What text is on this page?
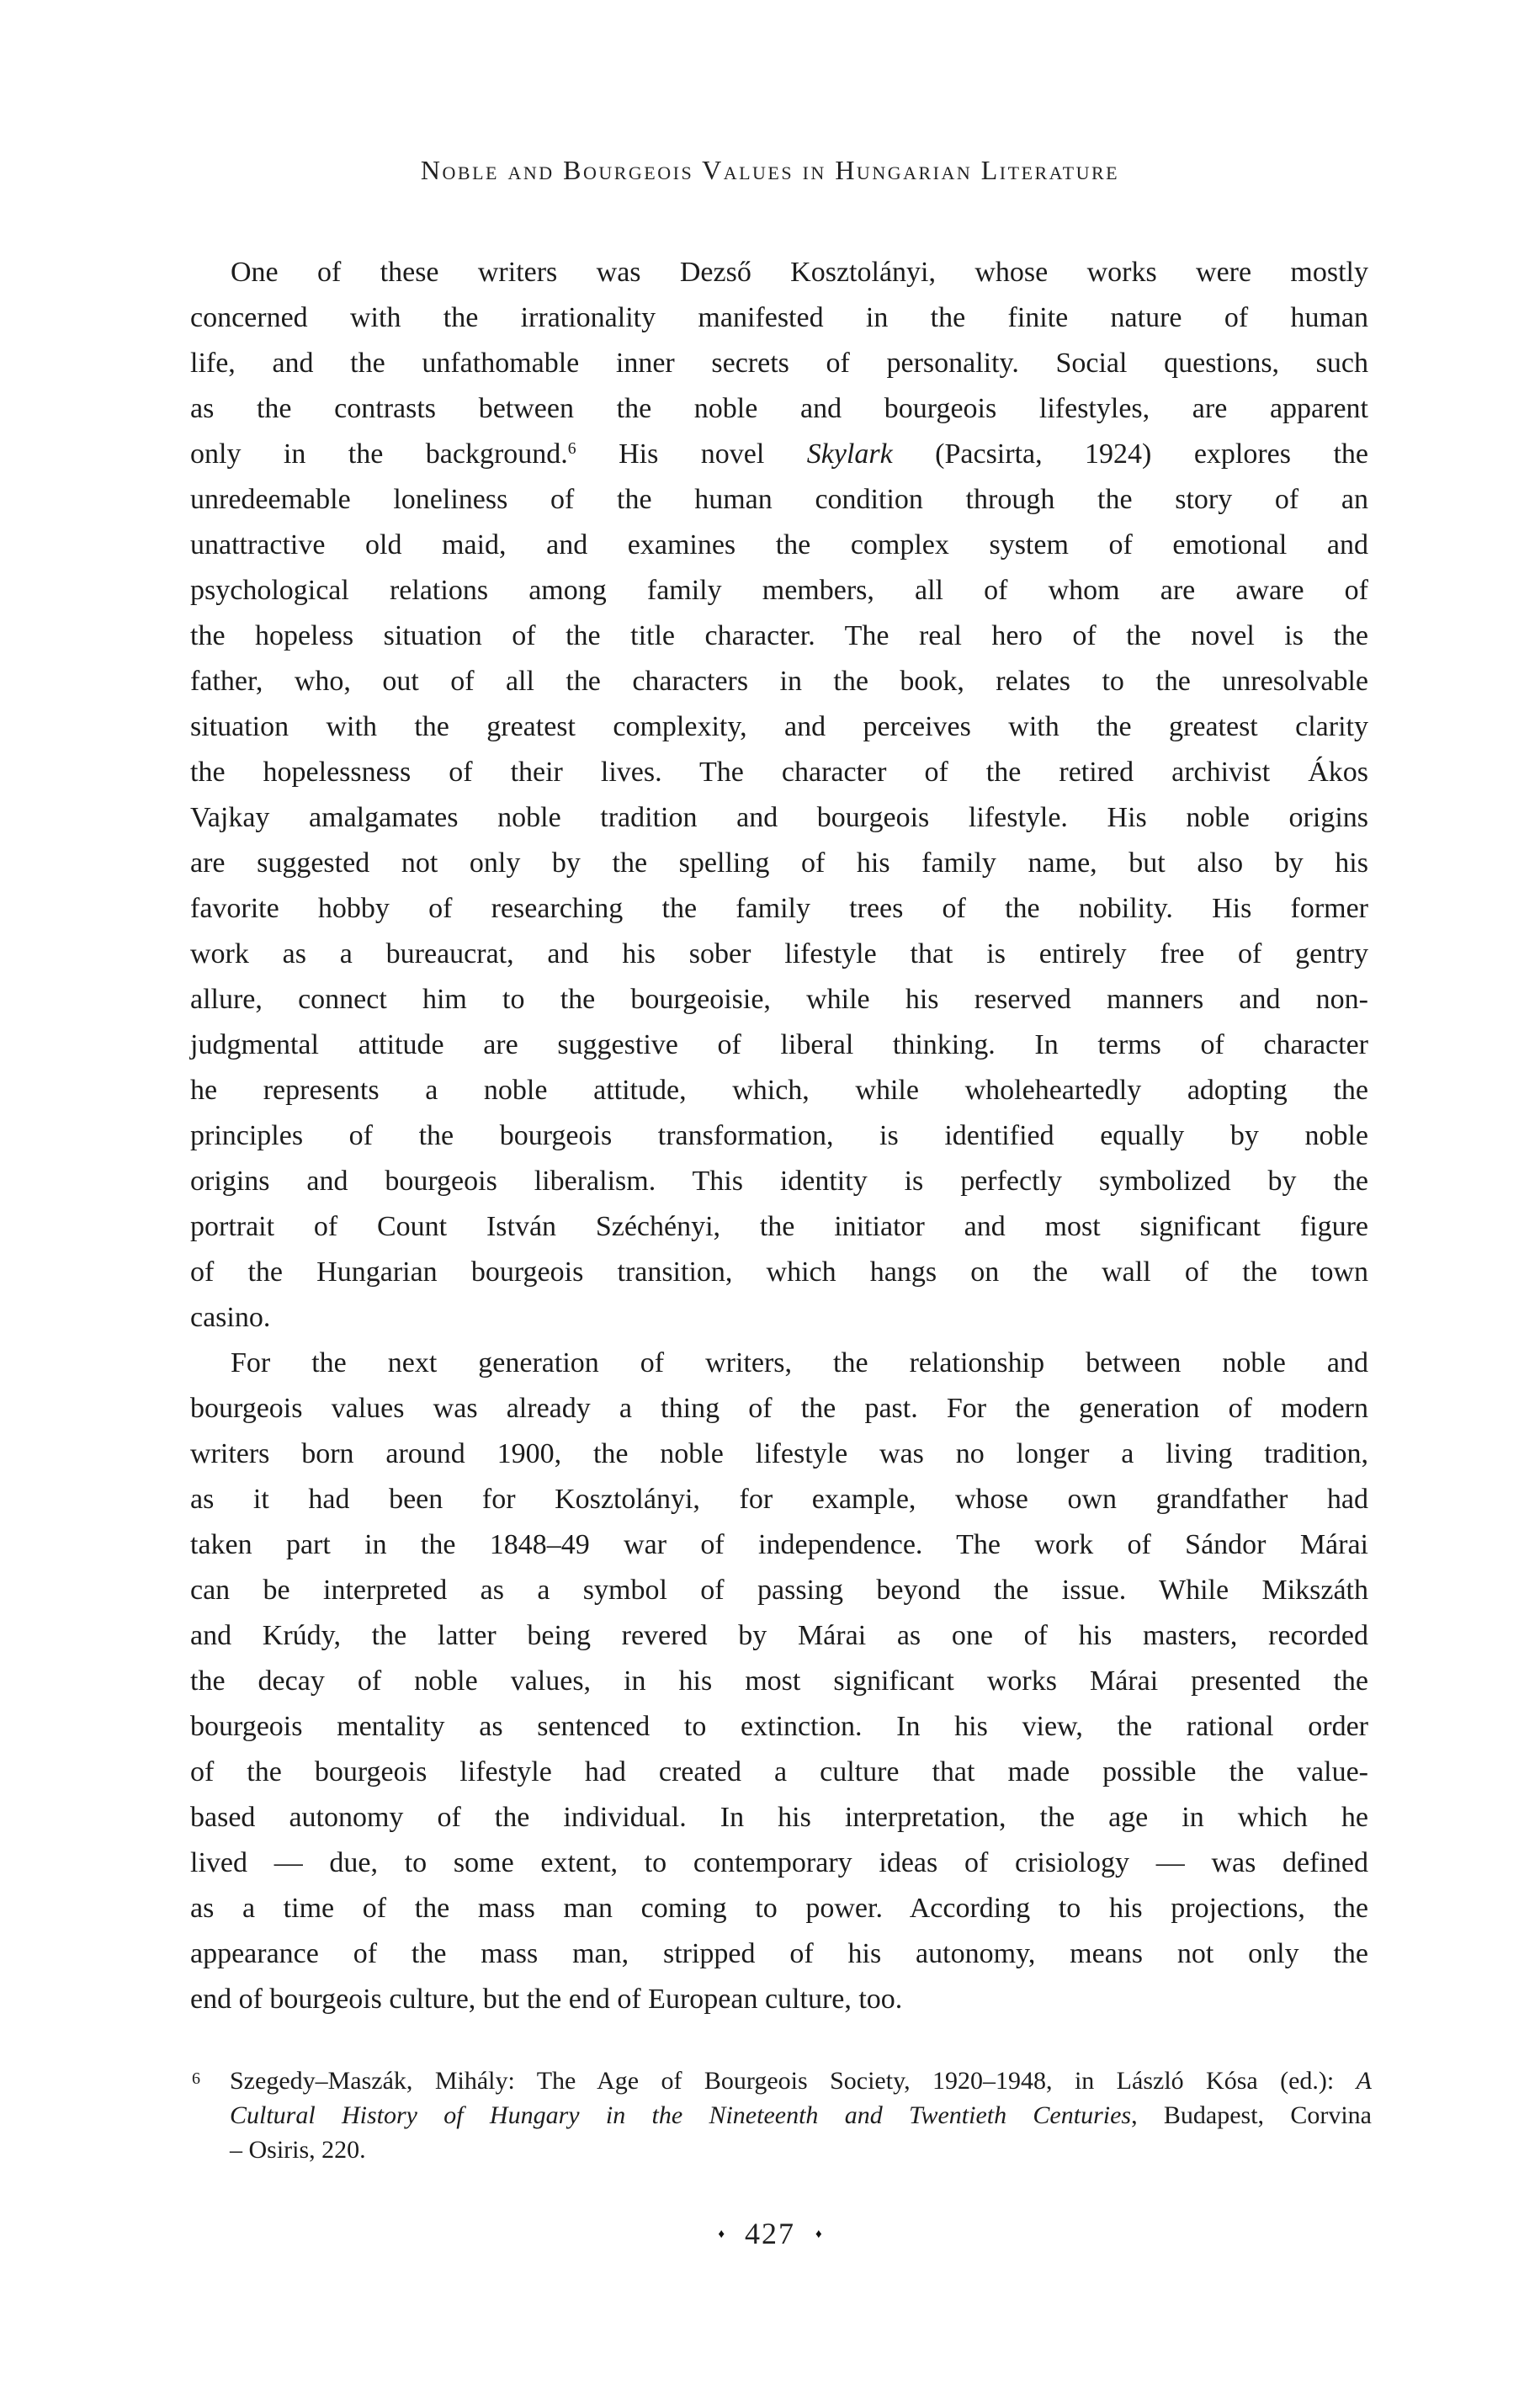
Noble and Bourgeois Values in Hungarian Literature
One of these writers was Dezső Kosztolányi, whose works were mostly
concerned with the irrationality manifested in the finite nature of human
life, and the unfathomable inner secrets of personality. Social questions, such
as the contrasts between the noble and bourgeois lifestyles, are apparent
only in the background.$^6$ His novel Skylark (Pacsirta, 1924) explores the
unredeemable loneliness of the human condition through the story of an
unattractive old maid, and examines the complex system of emotional and
psychological relations among family members, all of whom are aware of
the hopeless situation of the title character. The real hero of the novel is the
father, who, out of all the characters in the book, relates to the unresolvable
situation with the greatest complexity, and perceives with the greatest clarity
the hopelessness of their lives. The character of the retired archivist Ákos
Vajkay amalgamates noble tradition and bourgeois lifestyle. His noble origins
are suggested not only by the spelling of his family name, but also by his
favorite hobby of researching the family trees of the nobility. His former
work as a bureaucrat, and his sober lifestyle that is entirely free of gentry
allure, connect him to the bourgeoisie, while his reserved manners and non-
judgmental attitude are suggestive of liberal thinking. In terms of character
he represents a noble attitude, which, while wholeheartedly adopting the
principles of the bourgeois transformation, is identified equally by noble
origins and bourgeois liberalism. This identity is perfectly symbolized by the
portrait of Count István Széchényi, the initiator and most significant figure
of the Hungarian bourgeois transition, which hangs on the wall of the town
casino.
For the next generation of writers, the relationship between noble and
bourgeois values was already a thing of the past. For the generation of modern
writers born around 1900, the noble lifestyle was no longer a living tradition,
as it had been for Kosztolányi, for example, whose own grandfather had
taken part in the 1848–49 war of independence. The work of Sándor Márai
can be interpreted as a symbol of passing beyond the issue. While Mikszáth
and Krúdy, the latter being revered by Márai as one of his masters, recorded
the decay of noble values, in his most significant works Márai presented the
bourgeois mentality as sentenced to extinction. In his view, the rational order
of the bourgeois lifestyle had created a culture that made possible the value-
based autonomy of the individual. In his interpretation, the age in which he
lived — due, to some extent, to contemporary ideas of crisiology — was defined
as a time of the mass man coming to power. According to his projections, the
appearance of the mass man, stripped of his autonomy, means not only the
end of bourgeois culture, but the end of European culture, too.
6 Szegedy–Maszák, Mihály: The Age of Bourgeois Society, 1920–1948, in László Kósa (ed.): A
Cultural History of Hungary in the Nineteenth and Twentieth Centuries, Budapest, Corvina
– Osiris, 220.
♦ 427 ♦
